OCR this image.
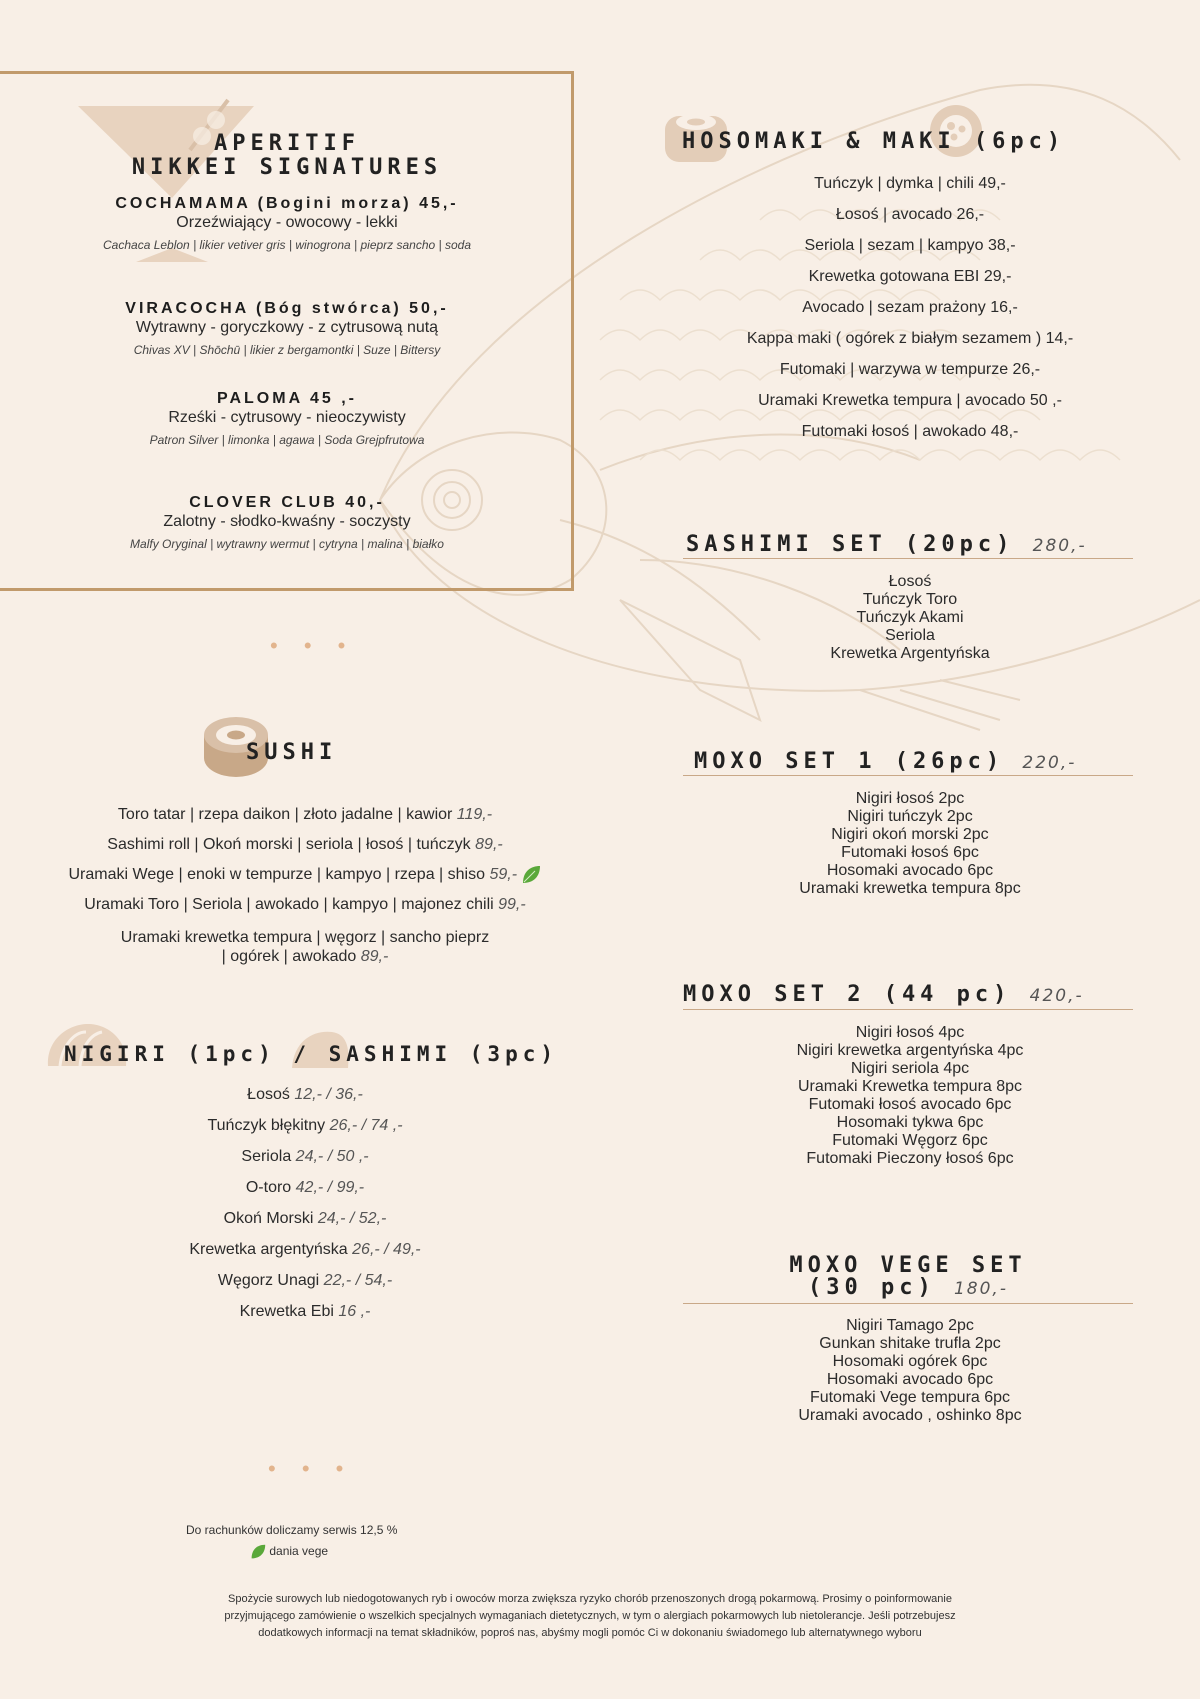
APERITIF
NIKKEI SIGNATURES
COCHAMAMA (Bogini morza) 45,-
Orzeźwiający - owocowy - lekki
Cachaca Leblon | likier vetiver gris | winogrona | pieprz sancho | soda
VIRACOCHA (Bóg stwórca) 50,-
Wytrawny - goryczkowy - z cytrusową nutą
Chivas XV | Shōchū | likier z bergamontki | Suze | Bittersy
PALOMA 45 ,-
Rześki - cytrusowy - nieoczywisty
Patron Silver | limonka | agawa | Soda Grejpfrutowa
CLOVER CLUB 40,-
Zalotny - słodko-kwaśny - soczysty
Malfy Oryginal | wytrawny wermut | cytryna | malina | białko
• • •
SUSHI
Toro tatar | rzepa daikon | złoto jadalne | kawior 119,-
Sashimi roll | Okoń morski | seriola | łosoś | tuńczyk 89,-
Uramaki Wege | enoki w tempurze | kampyo | rzepa | shiso 59,-
Uramaki Toro | Seriola | awokado | kampyo | majonez chili 99,-
Uramaki krewetka tempura | węgorz | sancho pieprz
| ogórek | awokado 89,-
NIGIRI (1pc) / SASHIMI (3pc)
Łosoś 12,- / 36,-
Tuńczyk błękitny 26,- / 74 ,-
Seriola 24,- / 50 ,-
O-toro 42,- / 99,-
Okoń Morski 24,- / 52,-
Krewetka argentyńska 26,- / 49,-
Węgorz Unagi 22,- / 54,-
Krewetka Ebi 16 ,-
• • •
HOSOMAKI & MAKI (6pc)
Tuńczyk | dymka | chili 49,-
Łosoś | avocado 26,-
Seriola | sezam | kampyo 38,-
Krewetka gotowana EBI 29,-
Avocado | sezam prażony 16,-
Kappa maki ( ogórek z białym sezamem ) 14,-
Futomaki | warzywa w tempurze 26,-
Uramaki Krewetka tempura | avocado 50 ,-
Futomaki łosoś | awokado 48,-
SASHIMI SET (20pc) 280,-
Łosoś
Tuńczyk Toro
Tuńczyk Akami
Seriola
Krewetka Argentyńska
MOXO SET 1 (26pc) 220,-
Nigiri łosoś 2pc
Nigiri tuńczyk 2pc
Nigiri okoń morski 2pc
Futomaki łosoś 6pc
Hosomaki avocado 6pc
Uramaki krewetka tempura 8pc
MOXO SET 2 (44 pc) 420,-
Nigiri łosoś 4pc
Nigiri krewetka argentyńska 4pc
Nigiri seriola 4pc
Uramaki Krewetka tempura 8pc
Futomaki łosoś avocado 6pc
Hosomaki tykwa 6pc
Futomaki Węgorz 6pc
Futomaki Pieczony łosoś 6pc
MOXO VEGE SET
(30 pc) 180,-
Nigiri Tamago 2pc
Gunkan shitake trufla 2pc
Hosomaki ogórek 6pc
Hosomaki avocado 6pc
Futomaki Vege tempura 6pc
Uramaki avocado , oshinko 8pc
Do rachunków doliczamy serwis 12,5 %
dania vege
Spożycie surowych lub niedogotowanych ryb i owoców morza zwiększa ryzyko chorób przenoszonych drogą pokarmową. Prosimy o poinformowanie
przyjmującego zamówienie o wszelkich specjalnych wymaganiach dietetycznych, w tym o alergiach pokarmowych lub nietolerancje. Jeśli potrzebujesz
dodatkowych informacji na temat składników, poproś nas, abyśmy mogli pomóc Ci w dokonaniu świadomego lub alternatywnego wyboru
